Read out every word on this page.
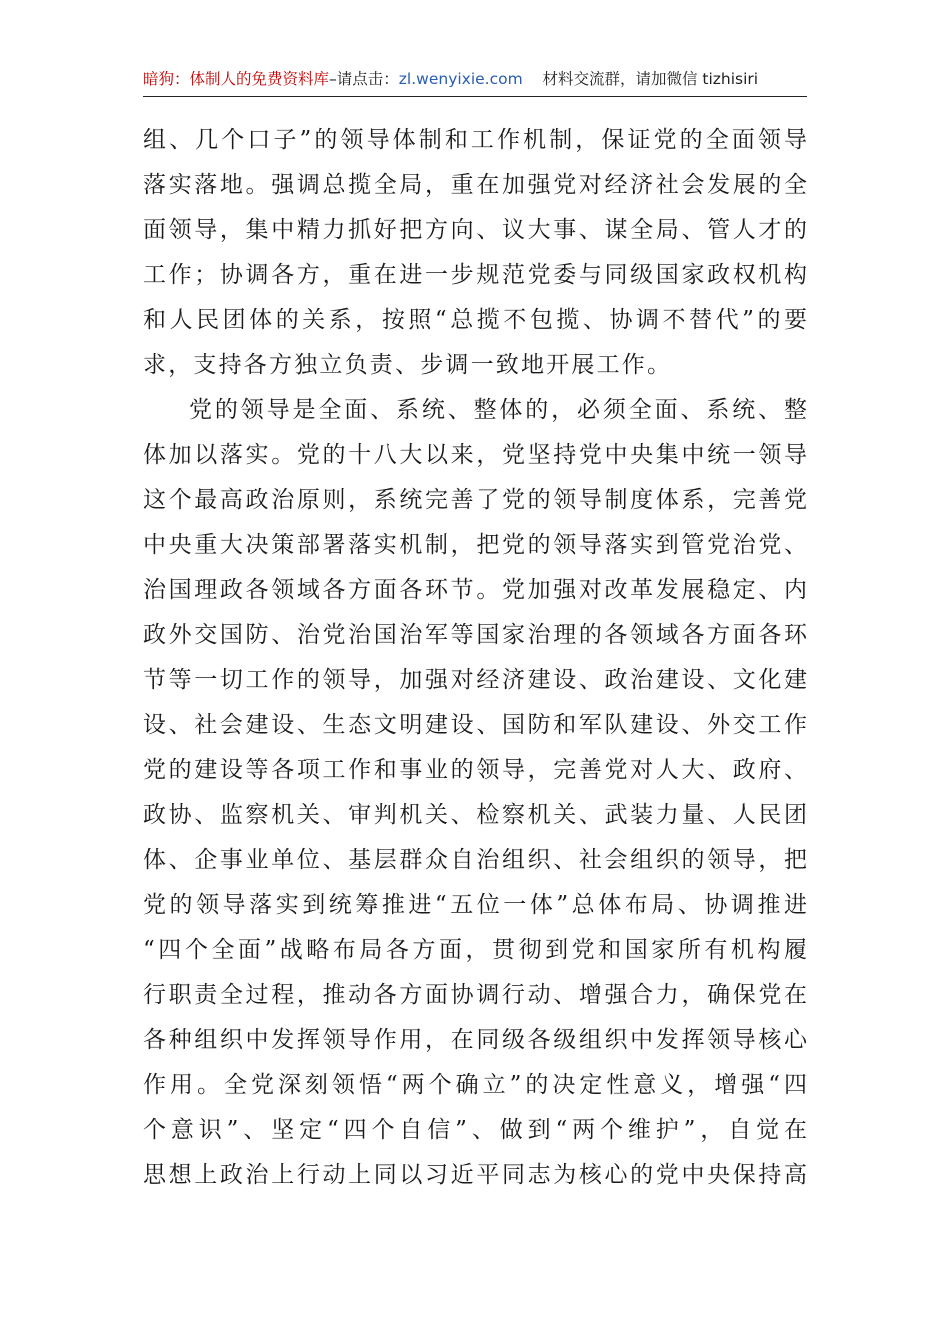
暗狗：体制人的免费资料库–请点击：zl.wenyixie.com 材料交流群，请加微信 tizhisiri
组、几个口子”的领导体制和工作机制，保证党的全面领导
落实落地。强调总揽全局，重在加强党对经济社会发展的全
面领导，集中精力抓好把方向、议大事、谋全局、管人才的
工作；协调各方，重在进一步规范党委与同级国家政权机构
和人民团体的关系，按照“总揽不包揽、协调不替代”的要
求，支持各方独立负责、步调一致地开展工作。
党的领导是全面、系统、整体的，必须全面、系统、整
体加以落实。党的十八大以来，党坚持党中央集中统一领导
这个最高政治原则，系统完善了党的领导制度体系，完善党
中央重大决策部署落实机制，把党的领导落实到管党治党、
治国理政各领域各方面各环节。党加强对改革发展稳定、内
政外交国防、治党治国治军等国家治理的各领域各方面各环
节等一切工作的领导，加强对经济建设、政治建设、文化建
设、社会建设、生态文明建设、国防和军队建设、外交工作
党的建设等各项工作和事业的领导，完善党对人大、政府、
政协、监察机关、审判机关、检察机关、武装力量、人民团
体、企事业单位、基层群众自治组织、社会组织的领导，把
党的领导落实到统筹推进“五位一体”总体布局、协调推进
“四个全面”战略布局各方面，贯彻到党和国家所有机构履
行职责全过程，推动各方面协调行动、增强合力，确保党在
各种组织中发挥领导作用，在同级各级组织中发挥领导核心
作用。全党深刻领悟“两个确立”的决定性意义，增强“四
个意识”、坚定“四个自信”、做到“两个维护”，自觉在
思想上政治上行动上同以习近平同志为核心的党中央保持高
